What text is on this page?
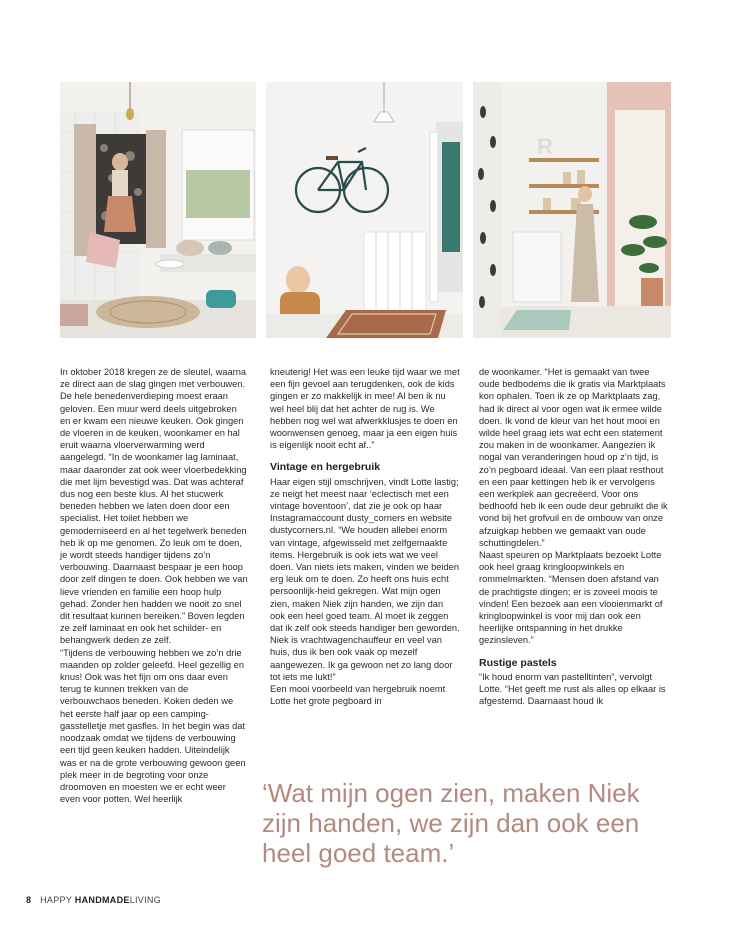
R

In oktober 2018 kregen ze de sleutel, waarna ze direct aan de slag gingen met verbouwen. De hele benedenverdieping moest eraan geloven. Een muur werd deels uitgebroken en er kwam een nieuwe keuken. Ook gingen de vloeren in de keuken, woonkamer en hal eruit waarna vloerverwarming werd aangelegd. “In de woonkamer lag laminaat, maar daaronder zat ook weer vloerbedekking die met lijm bevestigd was. Dat was achteraf dus nog een beste klus. Al het stucwerk beneden hebben we laten doen door een specialist. Het toilet hebben we gemoderniseerd en al het tegelwerk beneden heb ik op me genomen. Zo leuk om te doen, je wordt steeds handiger tijdens zo’n verbouwing. Daarnaast bespaar je een hoop door zelf dingen te doen. Ook hebben we van lieve vrienden en familie een hoop hulp gehad. Zonder hen hadden we nooit zo snel dit resultaat kunnen bereiken.” Boven legden ze zelf laminaat en ook het schilder- en behangwerk deden ze zelf.

“Tijdens de verbouwing hebben we zo’n drie maanden op zolder geleefd. Heel gezellig en knus! Ook was het fijn om ons daar even terug te kunnen trekken van de verbouwchaos beneden. Koken deden we het eerste half jaar op een camping-gasstelletje met gasfles. In het begin was dat noodzaak omdat we tijdens de verbouwing een tijd geen keuken hadden. Uiteindelijk was er na de grote verbouwing gewoon geen plek meer in de begroting voor onze droomoven en moesten we er echt weer even voor potten. Wel heerlijk

kneuterig! Het was een leuke tijd waar we met een fijn gevoel aan terugdenken, ook de kids gingen er zo makkelijk in mee! Al ben ik nu wel heel blij dat het achter de rug is. We hebben nog wel wat afwerkklusjes te doen en woonwensen genoeg, maar ja een eigen huis is eigenlijk nooit echt af..”

Vintage en hergebruik

Haar eigen stijl omschrijven, vindt Lotte lastig; ze neigt het meest naar ‘eclectisch met een vintage boventoon’, dat zie je ook op haar Instagramaccount dusty_corners en website dustycorners.nl. “We houden allebei enorm van vintage, afgewisseld met zelfgemaakte items. Hergebruik is ook iets wat we veel doen. Van niets iets maken, vinden we beiden erg leuk om te doen. Zo heeft ons huis echt persoonlijk-heid gekregen. Wat mijn ogen zien, maken Niek zijn handen, we zijn dan ook een heel goed team. Al moet ik zeggen dat ik zelf ook steeds handiger ben geworden. Niek is vrachtwagenchauffeur en veel van huis, dus ik ben ook vaak op mezelf aangewezen. Ik ga gewoon net zo lang door tot iets me lukt!”

Een mooi voorbeeld van hergebruik noemt Lotte het grote pegboard in

de woonkamer. “Het is gemaakt van twee oude bedbodems die ik gratis via Marktplaats kon ophalen. Toen ik ze op Marktplaats zag, had ik direct al voor ogen wat ik ermee wilde doen. Ik vond de kleur van het hout mooi en wilde heel graag iets wat echt een statement zou maken in de woonkamer. Aangezien ik nogal van veranderingen houd op z’n tijd, is zo’n pegboard ideaal. Van een plaat resthout en een paar kettingen heb ik er vervolgens een werkplek aan gecreëerd. Voor ons bedhoofd heb ik een oude deur gebruikt die ik vond bij het grofvuil en de ombouw van onze afzuigkap hebben we gemaakt van oude schuttingdelen.”

Naast speuren op Marktplaats bezoekt Lotte ook heel graag kringloopwinkels en rommelmarkten. “Mensen doen afstand van de prachtigste dingen; er is zoveel moois te vinden! Een bezoek aan een vlooienmarkt of kringloopwinkel is voor mij dan ook een heerlijke ontspanning in het drukke gezinsleven.”

Rustige pastels

“Ik houd enorm van pastelltinten”, vervolgt Lotte. “Het geeft me rust als alles op elkaar is afgestemd. Daarnaast houd ik

‘Wat mijn ogen zien, maken Niek zijn handen, we zijn dan ook een heel goed team.’
8 HAPPY HANDMADELIVING
